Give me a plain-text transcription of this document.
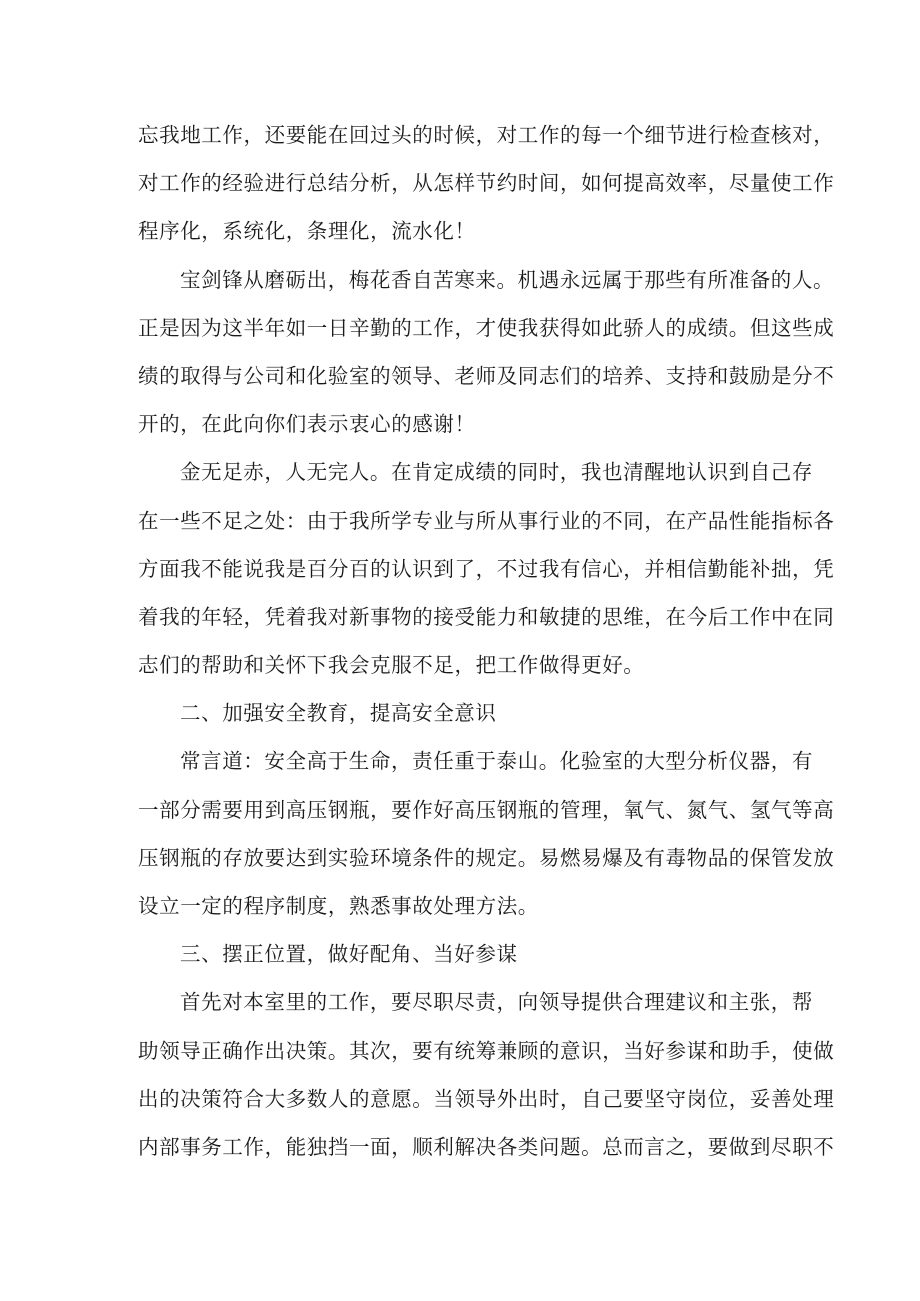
忘我地工作，还要能在回过头的时候，对工作的每一个细节进行检查核对，
对工作的经验进行总结分析，从怎样节约时间，如何提高效率，尽量使工作
程序化，系统化，条理化，流水化！
宝剑锋从磨砺出，梅花香自苦寒来。机遇永远属于那些有所准备的人。
正是因为这半年如一日辛勤的工作，才使我获得如此骄人的成绩。但这些成
绩的取得与公司和化验室的领导、老师及同志们的培养、支持和鼓励是分不
开的，在此向你们表示衷心的感谢！
金无足赤，人无完人。在肯定成绩的同时，我也清醒地认识到自己存
在一些不足之处：由于我所学专业与所从事行业的不同，在产品性能指标各
方面我不能说我是百分百的认识到了，不过我有信心，并相信勤能补拙，凭
着我的年轻，凭着我对新事物的接受能力和敏捷的思维，在今后工作中在同
志们的帮助和关怀下我会克服不足，把工作做得更好。
二、加强安全教育，提高安全意识
常言道：安全高于生命，责任重于泰山。化验室的大型分析仪器，有
一部分需要用到高压钢瓶，要作好高压钢瓶的管理，氧气、氮气、氢气等高
压钢瓶的存放要达到实验环境条件的规定。易燃易爆及有毒物品的保管发放
设立一定的程序制度，熟悉事故处理方法。
三、摆正位置，做好配角、当好参谋
首先对本室里的工作，要尽职尽责，向领导提供合理建议和主张，帮
助领导正确作出决策。其次，要有统筹兼顾的意识，当好参谋和助手，使做
出的决策符合大多数人的意愿。当领导外出时，自己要坚守岗位，妥善处理
内部事务工作，能独挡一面，顺利解决各类问题。总而言之，要做到尽职不
